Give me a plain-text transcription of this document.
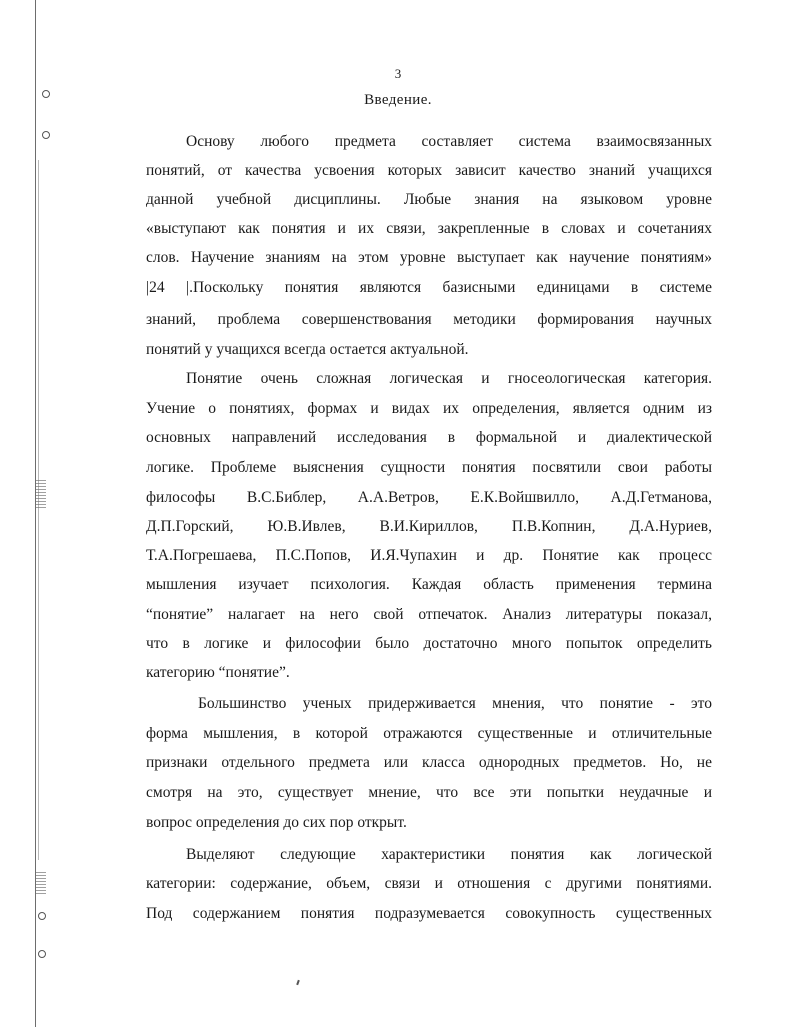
3
Введение.
Основу любого предмета составляет система взаимосвязанных
понятий, от качества усвоения которых зависит качество знаний учащихся
данной учебной дисциплины. Любые знания на языковом уровне
«выступают как понятия и их связи, закрепленные в словах и сочетаниях
слов. Научение знаниям на этом уровне выступает как научение понятиям»
|24 |.Поскольку понятия являются базисными единицами в системе
знаний, проблема совершенствования методики формирования научных
понятий у учащихся всегда остается актуальной.
Понятие очень сложная логическая и гносеологическая категория.
Учение о понятиях, формах и видах их определения, является одним из
основных направлений исследования в формальной и диалектической
логике. Проблеме выяснения сущности понятия посвятили свои работы
философы В.С.Библер, А.А.Ветров, Е.К.Войшвилло, А.Д.Гетманова,
Д.П.Горский, Ю.В.Ивлев, В.И.Кириллов, П.В.Копнин, Д.А.Нуриев,
Т.А.Погрешаева, П.С.Попов, И.Я.Чупахин и др. Понятие как процесс
мышления изучает психология. Каждая область применения термина
“понятие” налагает на него свой отпечаток. Анализ литературы показал,
что в логике и философии было достаточно много попыток определить
категорию “понятие”.
Большинство ученых придерживается мнения, что понятие - это
форма мышления, в которой отражаются существенные и отличительные
признаки отдельного предмета или класса однородных предметов. Но, не
смотря на это, существует мнение, что все эти попытки неудачные и
вопрос определения до сих пор открыт.
Выделяют следующие характеристики понятия как логической
категории: содержание, объем, связи и отношения с другими понятиями.
Под содержанием понятия подразумевается совокупность существенных
